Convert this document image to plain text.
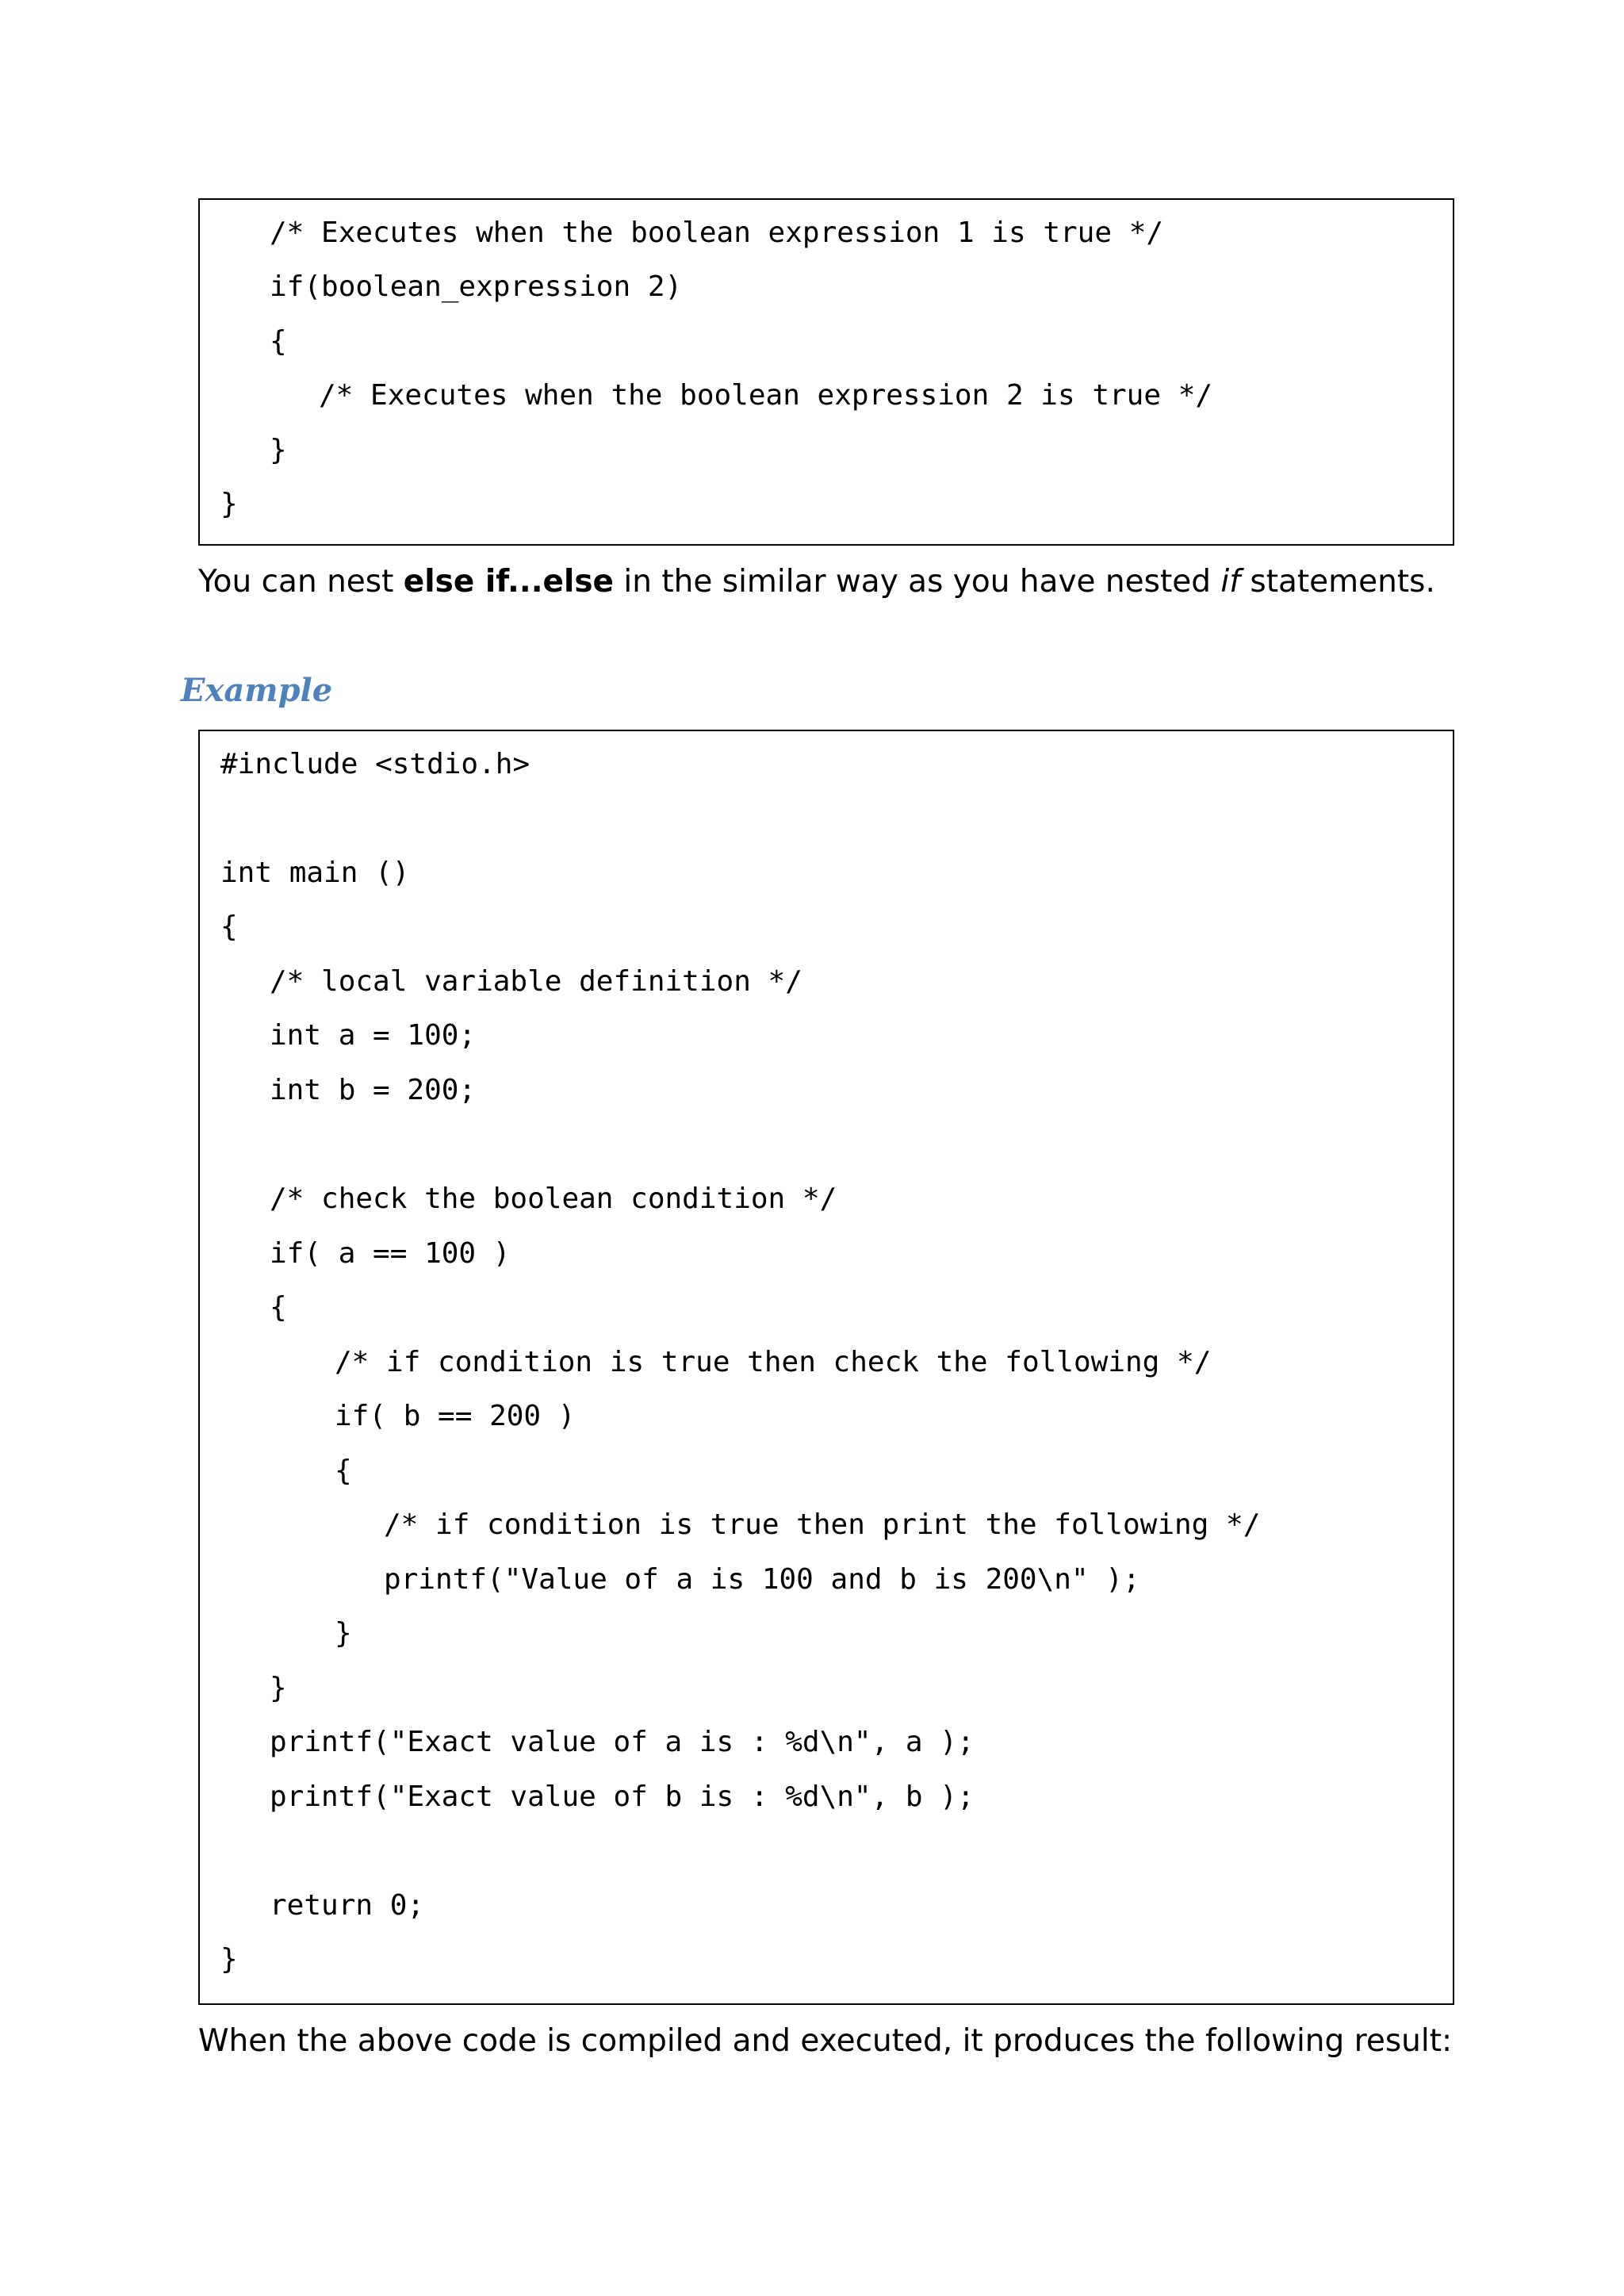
/* Executes when the boolean expression 1 is true */
if(boolean_expression 2)
{
/* Executes when the boolean expression 2 is true */
}
}
You can nest else if...else in the similar way as you have nested if statements.
Example
#include <stdio.h>
int main ()
{
/* local variable definition */
int a = 100;
int b = 200;
/* check the boolean condition */
if( a == 100 )
{
/* if condition is true then check the following */
if( b == 200 )
{
/* if condition is true then print the following */
printf("Value of a is 100 and b is 200\n" );
}
}
printf("Exact value of a is : %d\n", a );
printf("Exact value of b is : %d\n", b );
return 0;
}
When the above code is compiled and executed, it produces the following result:
